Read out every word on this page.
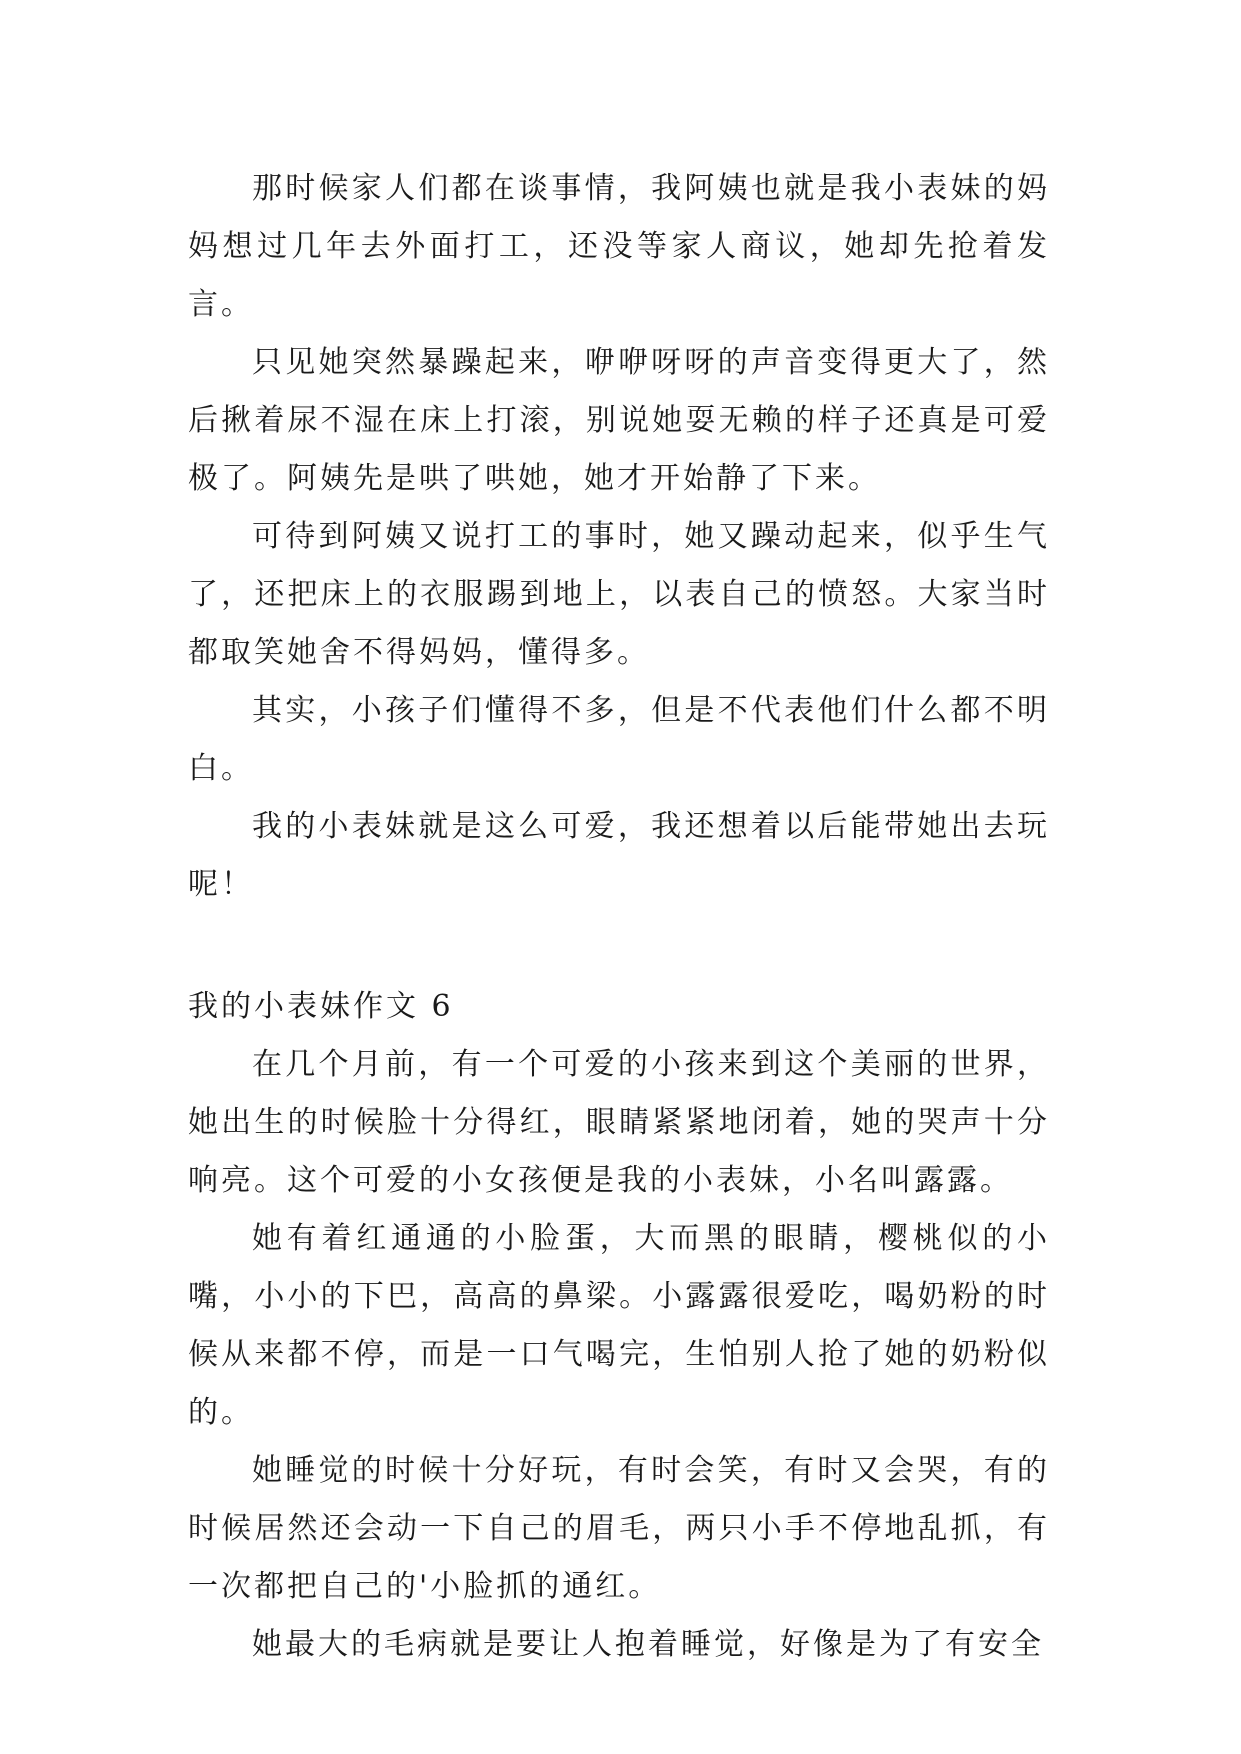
那时候家人们都在谈事情，我阿姨也就是我小表妹的妈妈想过几年去外面打工，还没等家人商议，她却先抢着发言。

只见她突然暴躁起来，咿咿呀呀的声音变得更大了，然后揪着尿不湿在床上打滚，别说她耍无赖的样子还真是可爱极了。阿姨先是哄了哄她，她才开始静了下来。

可待到阿姨又说打工的事时，她又躁动起来，似乎生气了，还把床上的衣服踢到地上，以表自己的愤怒。大家当时都取笑她舍不得妈妈，懂得多。

其实，小孩子们懂得不多，但是不代表他们什么都不明白。

我的小表妹就是这么可爱，我还想着以后能带她出去玩呢！

我的小表妹作文 6

在几个月前，有一个可爱的小孩来到这个美丽的世界，她出生的时候脸十分得红，眼睛紧紧地闭着，她的哭声十分响亮。这个可爱的小女孩便是我的小表妹，小名叫露露。

她有着红通通的小脸蛋，大而黑的眼睛，樱桃似的小嘴，小小的下巴，高高的鼻梁。小露露很爱吃，喝奶粉的时候从来都不停，而是一口气喝完，生怕别人抢了她的奶粉似的。

她睡觉的时候十分好玩，有时会笑，有时又会哭，有的时候居然还会动一下自己的眉毛，两只小手不停地乱抓，有一次都把自己的'小脸抓的通红。

她最大的毛病就是要让人抱着睡觉，好像是为了有安全
